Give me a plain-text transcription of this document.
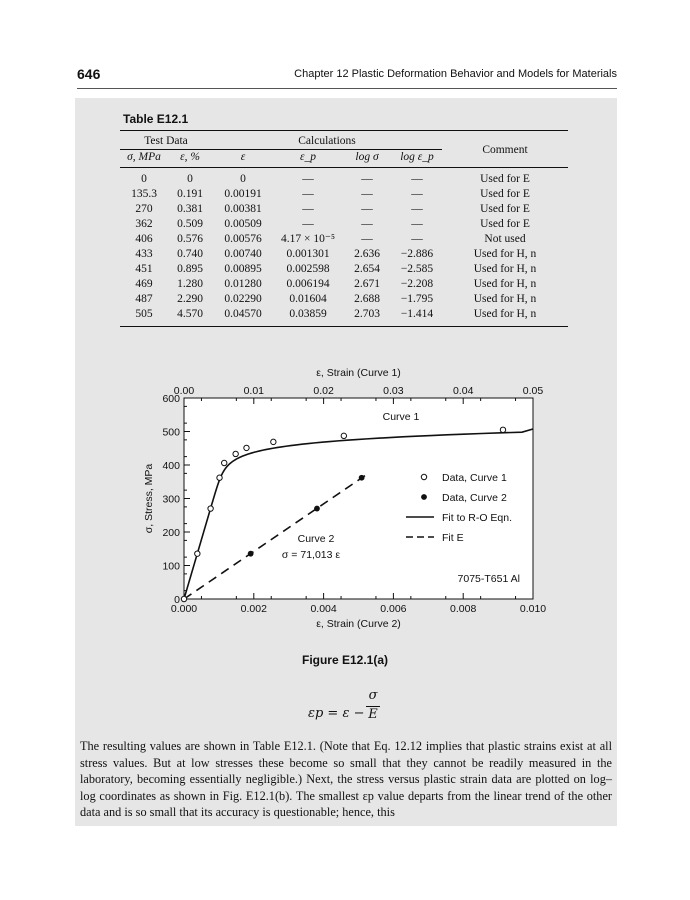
646	Chapter 12 Plastic Deformation Behavior and Models for Materials
Table E12.1
Test Data		Calculations				Comment
σ, MPa	ε, %	ε	ε_p	log σ	log ε_p	
0	0	0	—	—	—	Used for E
135.3	0.191	0.00191	—	—	—	Used for E
270	0.381	0.00381	—	—	—	Used for E
362	0.509	0.00509	—	—	—	Used for E
406	0.576	0.00576	4.17 × 10⁻⁵	—	—	Not used
433	0.740	0.00740	0.001301	2.636	−2.886	Used for H, n
451	0.895	0.00895	0.002598	2.654	−2.585	Used for H, n
469	1.280	0.01280	0.006194	2.671	−2.208	Used for H, n
487	2.290	0.02290	0.01604	2.688	−1.795	Used for H, n
505	4.570	0.04570	0.03859	2.703	−1.414	Used for H, n
0.000	0.002	0.004	0.006	0.008	0.010
0.00	0.01	0.02	0.03	0.04	0.05
0
100
200
300
400
500
600
ε, Strain (Curve 1)
ε, Strain (Curve 2)
σ, Stress, MPa
Curve 1
Curve 2
σ = 71,013 ε
7075-T651 Al
Data, Curve 1
Data, Curve 2
Fit to R-O Eqn.
Fit E
Figure E12.1(a)
εp = ε −
σ
E
The resulting values are shown in Table E12.1. (Note that Eq. 12.12 implies that plastic strains exist at all stress values. But at low stresses these become so small that they cannot be readily measured in the laboratory, becoming essentially negligible.) Next, the stress versus plastic strain data are plotted on log–log coordinates as shown in Fig. E12.1(b). The smallest εp value departs from the linear trend of the other data and is so small that its accuracy is questionable; hence, this
